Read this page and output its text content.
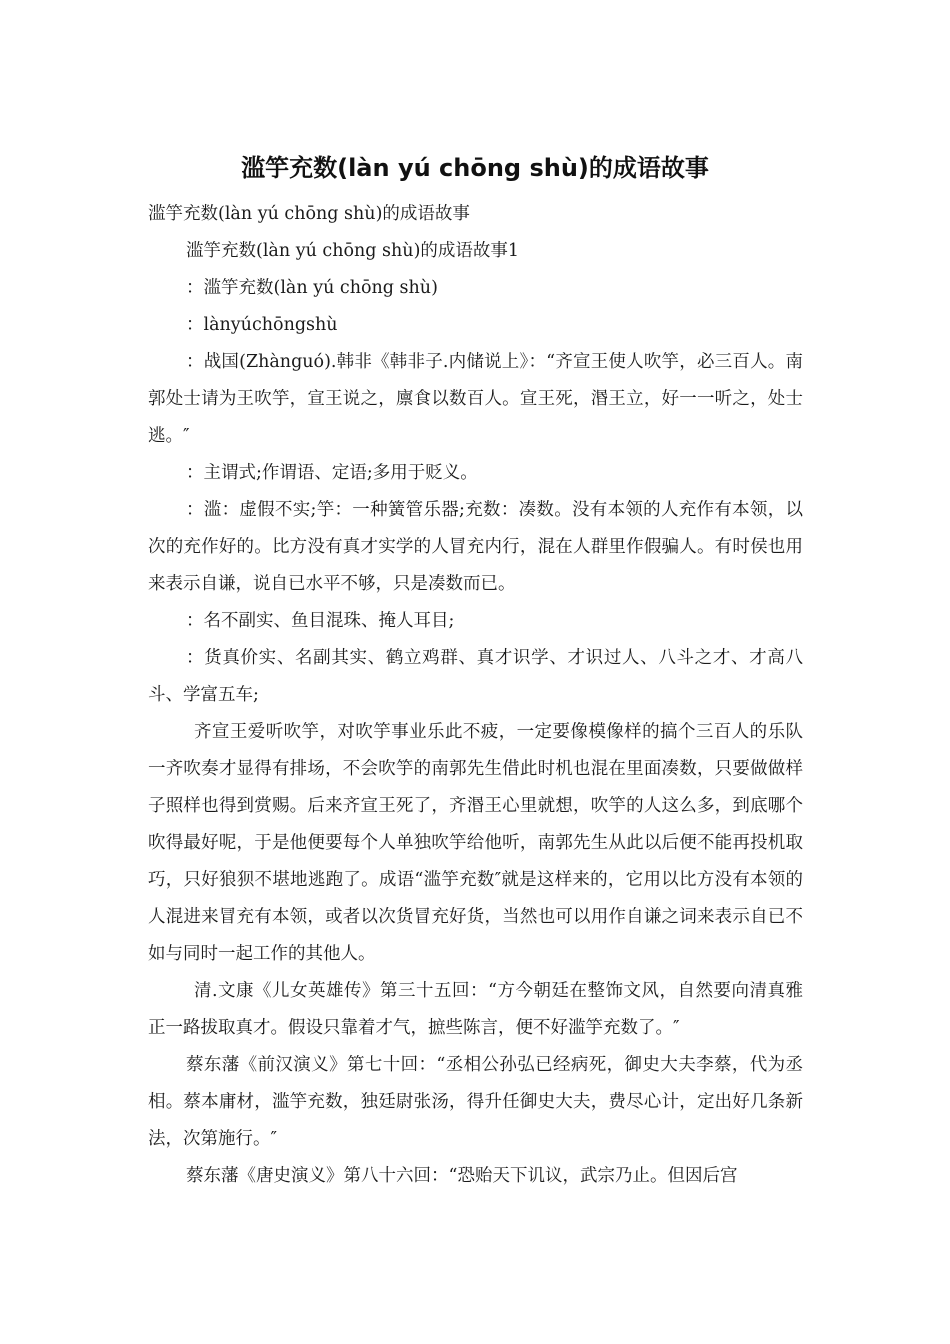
滥竽充数(làn yú chōng shù)的成语故事

滥竽充数(làn yú chōng shù)的成语故事

滥竽充数(làn yú chōng shù)的成语故事1

：滥竽充数(làn yú chōng shù)

：lànyúchōngshù

：战国(Zhànguó).韩非《韩非子.内储说上》：“齐宣王使人吹竽，必三百人。南郭处士请为王吹竽，宣王说之，廪食以数百人。宣王死，湣王立，好一一听之，处士逃。″

：主谓式;作谓语、定语;多用于贬义。

：滥：虚假不实;竽：一种簧管乐器;充数：凑数。没有本领的人充作有本领，以次的充作好的。比方没有真才实学的人冒充内行，混在人群里作假骗人。有时侯也用来表示自谦，说自已水平不够，只是凑数而已。

：名不副实、鱼目混珠、掩人耳目;

：货真价实、名副其实、鹤立鸡群、真才识学、才识过人、八斗之才、才高八斗、学富五车;

齐宣王爱听吹竽，对吹竽事业乐此不疲，一定要像模像样的搞个三百人的乐队一齐吹奏才显得有排场，不会吹竽的南郭先生借此时机也混在里面凑数，只要做做样子照样也得到赏赐。后来齐宣王死了，齐湣王心里就想，吹竽的人这么多，到底哪个吹得最好呢，于是他便要每个人单独吹竽给他听，南郭先生从此以后便不能再投机取巧，只好狼狈不堪地逃跑了。成语“滥竽充数″就是这样来的，它用以比方没有本领的人混进来冒充有本领，或者以次货冒充好货，当然也可以用作自谦之词来表示自已不如与同时一起工作的其他人。

清.文康《儿女英雄传》第三十五回：“方今朝廷在整饰文风，自然要向清真雅正一路拔取真才。假设只靠着才气，摭些陈言，便不好滥竽充数了。″

蔡东藩《前汉演义》第七十回：“丞相公孙弘已经病死，御史大夫李蔡，代为丞相。蔡本庸材，滥竽充数，独廷尉张汤，得升任御史大夫，费尽心计，定出好几条新法，次第施行。″

蔡东藩《唐史演义》第八十六回：“恐贻天下讥议，武宗乃止。但因后宫
